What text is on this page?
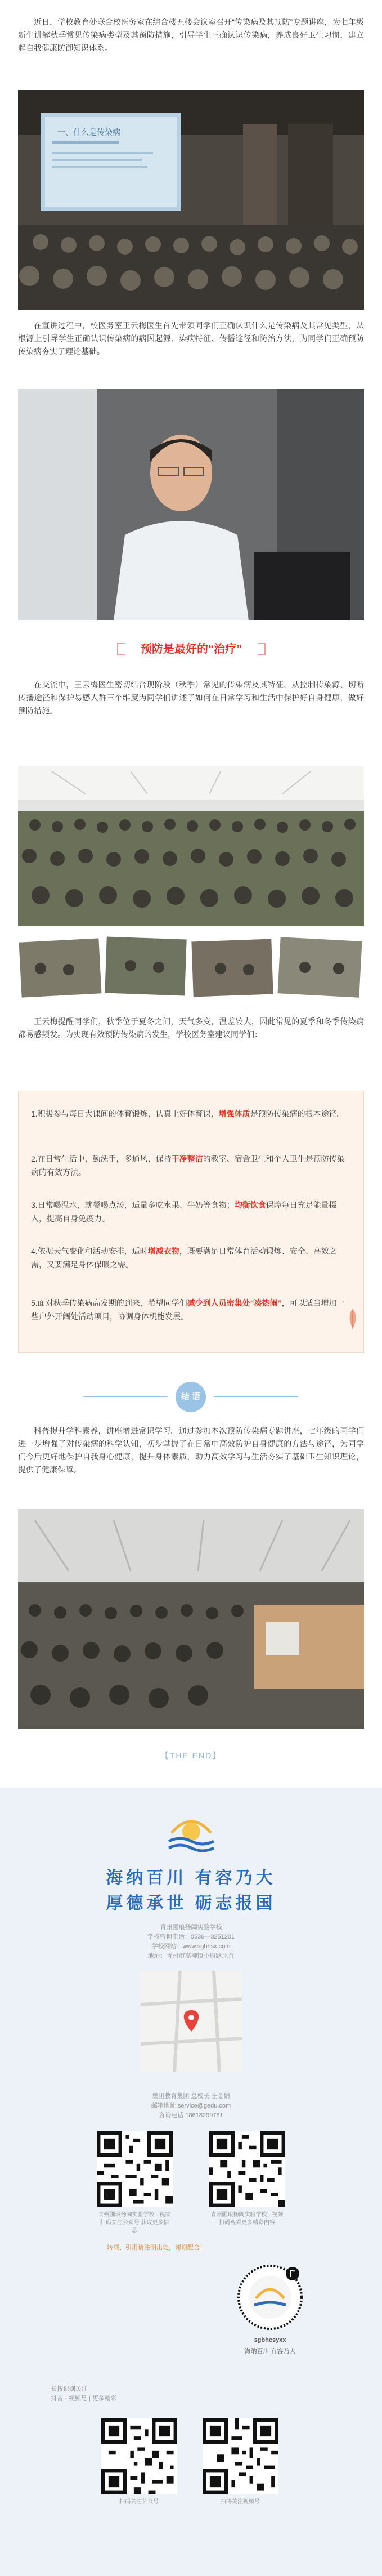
近日，学校教育处联合校医务室在综合楼五楼会议室召开“传染病及其预防”专题讲座，为七年级新生讲解秋季常见传染病类型及其预防措施，引导学生正确认识传染病，养成良好卫生习惯，建立起自我健康防御知识体系。

一、什么是传染病

在宣讲过程中，校医务室王云梅医生首先带领同学们正确认识什么是传染病及其常见类型，从根源上引导学生正确认识传染病的病因起源、染病特征、传播途径和防治方法，为同学们正确预防传染病夯实了理论基础。

预防是最好的“治疗”

在交流中，王云梅医生密切结合现阶段（秋季）常见的传染病及其特征，从控制传染源、切断传播途径和保护易感人群三个维度为同学们讲述了如何在日常学习和生活中保护好自身健康，做好预防措施。

王云梅提醒同学们，秋季位于夏冬之间，天气多变，温差较大，因此常见的夏季和冬季传染病都易感频发。为实现有效预防传染病的发生，学校医务室建议同学们：

1.积极参与每日大课间的体育锻炼，认真上好体育课，增强体质是预防传染病的根本途径。

2.在日常生活中，勤洗手，多通风，保持干净整洁的教室、宿舍卫生和个人卫生是预防传染病的有效方法。

3.日常喝温水，就餐喝点汤，适量多吃水果、牛奶等食物；均衡饮食保障每日充足能量摄入，提高自身免疫力。

4.依据天气变化和活动安排，适时增减衣物，既要满足日常体育活动锻炼、安全、高效之需，又要满足身体保暖之需。

5.面对秋季传染病高发期的到来，希望同学们减少到人员密集处“凑热闹”，可以适当增加一些户外开阔处活动项目，协调身体机能发展。

结 语

科普提升学科素养，讲座增进常识学习。通过参加本次预防传染病专题讲座，七年级的同学们进一步增强了对传染病的科学认知，初步掌握了在日常中高效防护自身健康的方法与途径，为同学们今后更好地保护自我身心健康，提升身体素质，助力高效学习与生活夯实了基础卫生知识理论，提供了健康保障。

【THE END】
海纳百川 有容乃大
厚德承世 砺志报国
青州圃琅杨阖实验学校
学校咨询电话：0536—3251201
学校网站：www.sgbhsx.com
地址：青州市高柳镇小康路北首
集团教育集团 总校长 王金娟
邮箱地址 service@gedu.com
咨询电话 18618299781
青州圃琅杨阖实验学校 · 视频
扫码关注公众号 获取更多信息
青州圃琅杨阖实验学校 · 视频
扫码观看更多精彩内容
转载、引用请注明出处，谢谢配合！
sgbhcsyxx
海纳百川 有容乃大
长按识别关注
抖音 · 视频号 | 更多精彩
扫码关注公众号	扫码关注视频号
